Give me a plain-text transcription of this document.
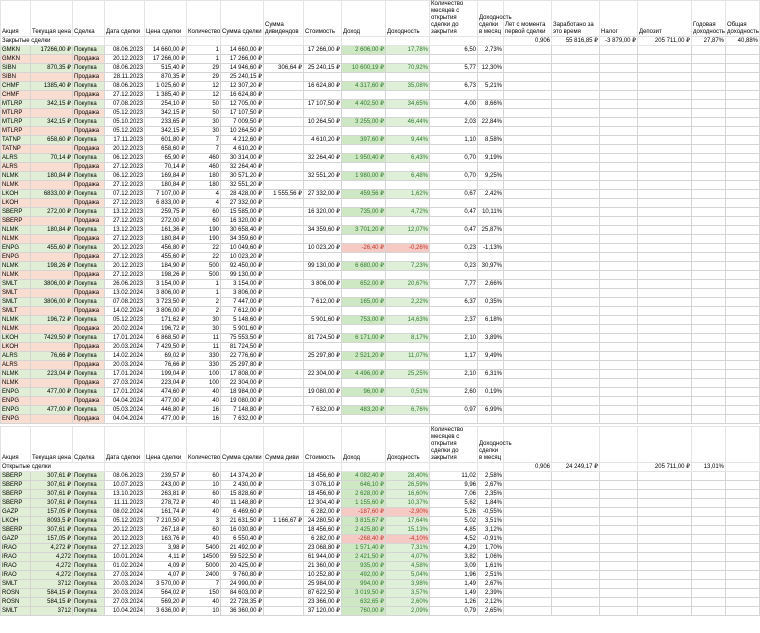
Акция	Текущая цена	Сделка	Дата сделки	Цена сделки	Количество	Сумма сделки	Сумма дивидендов	Стоимость	Доход	Доходность	Количество месяцев с открытия сделки до закрытия	Доходность сделки в месяц	Лет с момента первой сделки	Заработано за это время	Налог	Депозит	Годовая доходность	Общая доходность
Закрытые сделки													0,906	55 816,85 ₽	-3 879,00 ₽	205 711,00 ₽	27,87%	40,88%
GMKN	17266,00 ₽	Покупка	08.06.2023	14 660,00 ₽	1	14 660,00 ₽		17 266,00 ₽	2 606,00 ₽	17,78%	6,50	2,73%						
GMKN		Продажа	20.12.2023	17 266,00 ₽	1	17 266,00 ₽												
SIBN	870,35 ₽	Покупка	08.06.2023	515,40 ₽	29	14 946,60 ₽	306,64 ₽	25 240,15 ₽	10 600,19 ₽	70,92%	5,77	12,30%						
SIBN		Продажа	28.11.2023	870,35 ₽	29	25 240,15 ₽												
CHMF	1385,40 ₽	Покупка	08.06.2023	1 025,60 ₽	12	12 307,20 ₽		16 624,80 ₽	4 317,60 ₽	35,08%	6,73	5,21%						
CHMF		Продажа	27.12.2023	1 385,40 ₽	12	16 624,80 ₽												
MTLRP	342,15 ₽	Покупка	07.08.2023	254,10 ₽	50	12 705,00 ₽		17 107,50 ₽	4 402,50 ₽	34,65%	4,00	8,66%						
MTLRP		Продажа	05.12.2023	342,15 ₽	50	17 107,50 ₽												
MTLRP	342,15 ₽	Покупка	05.10.2023	233,65 ₽	30	7 009,50 ₽		10 264,50 ₽	3 255,00 ₽	46,44%	2,03	22,84%						
MTLRP		Продажа	05.12.2023	342,15 ₽	30	10 264,50 ₽												
TATNP	658,60 ₽	Покупка	17.11.2023	601,80 ₽	7	4 212,60 ₽		4 610,20 ₽	397,60 ₽	9,44%	1,10	8,58%						
TATNP		Продажа	20.12.2023	658,60 ₽	7	4 610,20 ₽												
ALRS	70,14 ₽	Покупка	06.12.2023	65,90 ₽	460	30 314,00 ₽		32 264,40 ₽	1 950,40 ₽	6,43%	0,70	9,19%						
ALRS		Продажа	27.12.2023	70,14 ₽	460	32 264,40 ₽												
NLMK	180,84 ₽	Покупка	06.12.2023	169,84 ₽	180	30 571,20 ₽		32 551,20 ₽	1 980,00 ₽	6,48%	0,70	9,25%						
NLMK		Продажа	27.12.2023	180,84 ₽	180	32 551,20 ₽												
LKOH	6833,00 ₽	Покупка	07.12.2023	7 107,00 ₽	4	28 428,00 ₽	1 555,56 ₽	27 332,00 ₽	459,56 ₽	1,62%	0,67	2,42%						
LKOH		Продажа	27.12.2023	6 833,00 ₽	4	27 332,00 ₽												
SBERP	272,00 ₽	Покупка	13.12.2023	259,75 ₽	60	15 585,00 ₽		16 320,00 ₽	735,00 ₽	4,72%	0,47	10,11%						
SBERP		Продажа	27.12.2023	272,00 ₽	60	16 320,00 ₽												
NLMK	180,84 ₽	Покупка	13.12.2023	161,36 ₽	190	30 658,40 ₽		34 359,60 ₽	3 701,20 ₽	12,07%	0,47	25,87%						
NLMK		Продажа	27.12.2023	180,84 ₽	190	34 359,60 ₽												
ENPG	455,60 ₽	Покупка	20.12.2023	456,80 ₽	22	10 049,60 ₽		10 023,20 ₽	-26,40 ₽	-0,26%	0,23	-1,13%						
ENPG		Продажа	27.12.2023	455,60 ₽	22	10 023,20 ₽												
NLMK	198,26 ₽	Покупка	20.12.2023	184,90 ₽	500	92 450,00 ₽		99 130,00 ₽	6 680,00 ₽	7,23%	0,23	30,97%						
NLMK		Продажа	27.12.2023	198,26 ₽	500	99 130,00 ₽												
SMLT	3806,00 ₽	Покупка	26.06.2023	3 154,00 ₽	1	3 154,00 ₽		3 806,00 ₽	652,00 ₽	20,67%	7,77	2,66%						
SMLT		Продажа	13.02.2024	3 806,00 ₽	1	3 806,00 ₽												
SMLT	3806,00 ₽	Покупка	07.08.2023	3 723,50 ₽	2	7 447,00 ₽		7 612,00 ₽	165,00 ₽	2,22%	6,37	0,35%						
SMLT		Продажа	14.02.2024	3 806,00 ₽	2	7 612,00 ₽												
NLMK	196,72 ₽	Покупка	05.12.2023	171,62 ₽	30	5 148,60 ₽		5 901,60 ₽	753,00 ₽	14,63%	2,37	6,18%						
NLMK		Продажа	20.02.2024	196,72 ₽	30	5 901,60 ₽												
LKOH	7429,50 ₽	Покупка	17.01.2024	6 868,50 ₽	11	75 553,50 ₽		81 724,50 ₽	6 171,00 ₽	8,17%	2,10	3,89%						
LKOH		Продажа	20.03.2024	7 429,50 ₽	11	81 724,50 ₽												
ALRS	76,66 ₽	Покупка	14.02.2024	69,02 ₽	330	22 776,60 ₽		25 297,80 ₽	2 521,20 ₽	11,07%	1,17	9,49%						
ALRS		Продажа	20.03.2024	76,66 ₽	330	25 297,80 ₽												
NLMK	223,04 ₽	Покупка	17.01.2024	199,04 ₽	100	17 808,00 ₽		22 304,00 ₽	4 496,00 ₽	25,25%	2,10	6,31%						
NLMK		Продажа	27.03.2024	223,04 ₽	100	22 304,00 ₽												
ENPG	477,00 ₽	Покупка	17.01.2024	474,60 ₽	40	18 984,00 ₽		19 080,00 ₽	96,00 ₽	0,51%	2,60	0,19%						
ENPG		Продажа	04.04.2024	477,00 ₽	40	19 080,00 ₽												
ENPG	477,00 ₽	Покупка	05.03.2024	446,80 ₽	16	7 148,80 ₽		7 632,00 ₽	483,20 ₽	6,76%	0,97	6,99%						
ENPG		Продажа	04.04.2024	477,00 ₽	16	7 632,00 ₽												
Акция	Текущая цена	Сделка	Дата сделки	Цена сделки	Количество	Сумма сделки	Сумма диви	Стоимость	Доход	Доходность	Количество месяцев с открытия сделки до закрытия	Доходность сделки в месяц						
Открытые сделки													0,906	24 249,17 ₽		205 711,00 ₽	13,01%	
SBERP	307,61 ₽	Покупка	08.06.2023	239,57 ₽	60	14 374,20 ₽		18 456,60 ₽	4 082,40 ₽	28,40%	11,02	2,58%						
SBERP	307,61 ₽	Покупка	10.07.2023	243,00 ₽	10	2 430,00 ₽		3 076,10 ₽	646,10 ₽	26,59%	9,96	2,67%						
SBERP	307,61 ₽	Покупка	13.10.2023	263,81 ₽	60	15 828,60 ₽		18 456,60 ₽	2 628,00 ₽	16,60%	7,06	2,35%						
SBERP	307,61 ₽	Покупка	11.11.2023	278,72 ₽	40	11 148,80 ₽		12 304,40 ₽	1 155,60 ₽	10,37%	5,62	1,84%						
GAZP	157,05 ₽	Покупка	08.02.2024	161,74 ₽	40	6 469,60 ₽		6 282,00 ₽	-187,60 ₽	-2,90%	5,26	-0,55%						
LKOH	8093,5 ₽	Покупка	05.12.2023	7 210,50 ₽	3	21 631,50 ₽	1 166,67 ₽	24 280,50 ₽	3 815,67 ₽	17,64%	5,02	3,51%						
SBERP	307,61 ₽	Покупка	20.12.2023	267,18 ₽	60	16 030,80 ₽		18 456,60 ₽	2 425,80 ₽	15,13%	4,85	3,12%						
GAZP	157,05 ₽	Покупка	20.12.2023	163,76 ₽	40	6 550,40 ₽		6 282,00 ₽	-268,40 ₽	-4,10%	4,52	-0,91%						
IRAO	4,272 ₽	Покупка	27.12.2023	3,98 ₽	5400	21 492,00 ₽		23 068,80 ₽	1 571,40 ₽	7,31%	4,29	1,70%						
IRAO	4,272	Покупка	10.01.2024	4,11 ₽	14500	59 522,50 ₽		61 944,00 ₽	2 421,50 ₽	4,07%	3,82	1,06%						
IRAO	4,272	Покупка	01.02.2024	4,09 ₽	5000	20 425,00 ₽		21 360,00 ₽	935,00 ₽	4,58%	3,09	1,61%						
IRAO	4,272	Покупка	27.03.2024	4,07 ₽	2400	9 760,80 ₽		10 252,80 ₽	492,00 ₽	5,04%	1,96	2,51%						
SMLT	3712	Покупка	20.03.2024	3 570,00 ₽	7	24 990,00 ₽		25 984,00 ₽	994,00 ₽	3,98%	1,49	2,67%						
ROSN	584,15 ₽	Покупка	20.03.2024	564,02 ₽	150	84 603,00 ₽		87 622,50 ₽	3 019,50 ₽	3,57%	1,49	2,39%						
ROSN	584,15 ₽	Покупка	27.03.2024	569,20 ₽	40	22 728,35 ₽		23 366,00 ₽	632,65 ₽	2,60%	1,26	2,12%						
SMLT	3712	Покупка	10.04.2024	3 636,00 ₽	10	36 360,00 ₽		37 120,00 ₽	760,00 ₽	2,09%	0,79	2,65%						
